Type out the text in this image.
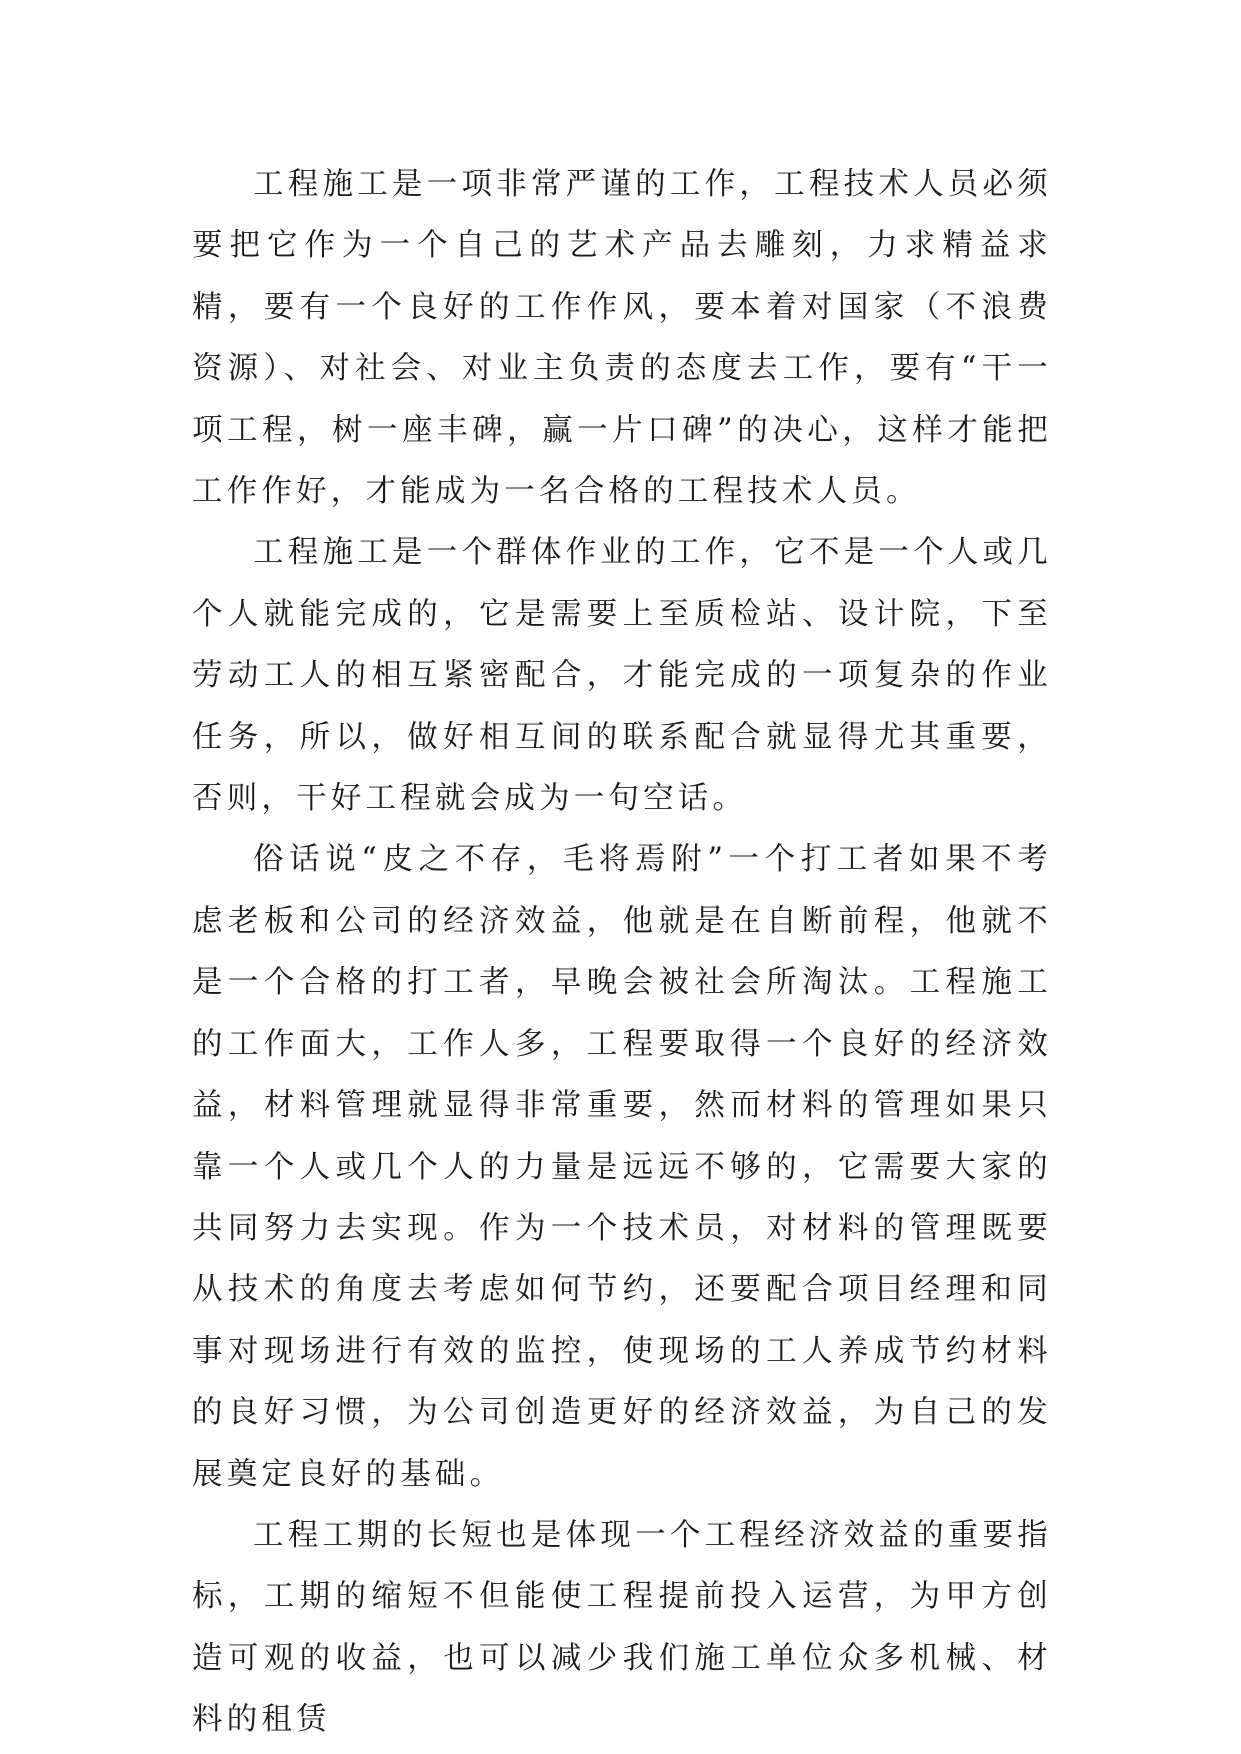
工程施工是一项非常严谨的工作，工程技术人员必须要把它作为一个自己的艺术产品去雕刻，力求精益求精，要有一个良好的工作作风，要本着对国家（不浪费资源）、对社会、对业主负责的态度去工作，要有“干一项工程，树一座丰碑，赢一片口碑”的决心，这样才能把工作作好，才能成为一名合格的工程技术人员。

工程施工是一个群体作业的工作，它不是一个人或几个人就能完成的，它是需要上至质检站、设计院，下至劳动工人的相互紧密配合，才能完成的一项复杂的作业任务，所以，做好相互间的联系配合就显得尤其重要，否则，干好工程就会成为一句空话。

俗话说“皮之不存，毛将焉附”一个打工者如果不考虑老板和公司的经济效益，他就是在自断前程，他就不是一个合格的打工者，早晚会被社会所淘汰。工程施工的工作面大，工作人多，工程要取得一个良好的经济效益，材料管理就显得非常重要，然而材料的管理如果只靠一个人或几个人的力量是远远不够的，它需要大家的共同努力去实现。作为一个技术员，对材料的管理既要从技术的角度去考虑如何节约，还要配合项目经理和同事对现场进行有效的监控，使现场的工人养成节约材料的良好习惯，为公司创造更好的经济效益，为自己的发展奠定良好的基础。

工程工期的长短也是体现一个工程经济效益的重要指标，工期的缩短不但能使工程提前投入运营，为甲方创造可观的收益，也可以减少我们施工单位众多机械、材料的租赁
